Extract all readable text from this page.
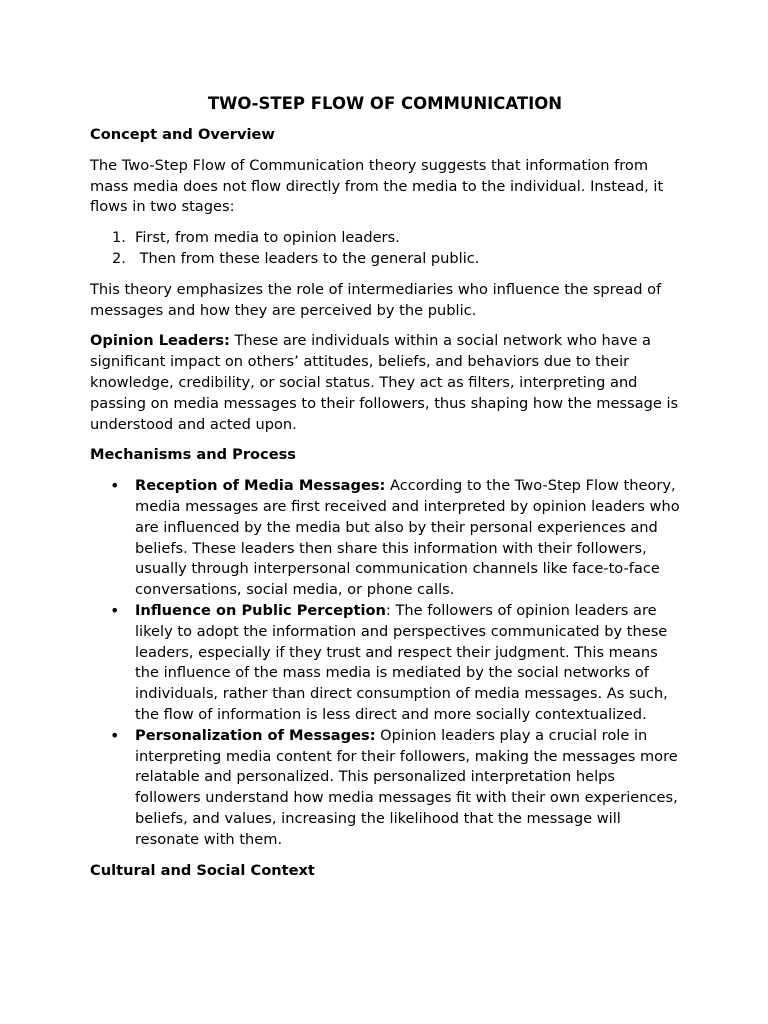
TWO-STEP FLOW OF COMMUNICATION
Concept and Overview

The Two-Step Flow of Communication theory suggests that information from mass media does not flow directly from the media to the individual. Instead, it flows in two stages:

1. First, from media to opinion leaders.
2. Then from these leaders to the general public.

This theory emphasizes the role of intermediaries who influence the spread of messages and how they are perceived by the public.

Opinion Leaders: These are individuals within a social network who have a significant impact on others’ attitudes, beliefs, and behaviors due to their knowledge, credibility, or social status. They act as filters, interpreting and passing on media messages to their followers, thus shaping how the message is understood and acted upon.

Mechanisms and Process
• Reception of Media Messages: According to the Two-Step Flow theory, media messages are first received and interpreted by opinion leaders who are influenced by the media but also by their personal experiences and beliefs. These leaders then share this information with their followers, usually through interpersonal communication channels like face-to-face conversations, social media, or phone calls.
• Influence on Public Perception: The followers of opinion leaders are likely to adopt the information and perspectives communicated by these leaders, especially if they trust and respect their judgment. This means the influence of the mass media is mediated by the social networks of individuals, rather than direct consumption of media messages. As such, the flow of information is less direct and more socially contextualized.
• Personalization of Messages: Opinion leaders play a crucial role in interpreting media content for their followers, making the messages more relatable and personalized. This personalized interpretation helps followers understand how media messages fit with their own experiences, beliefs, and values, increasing the likelihood that the message will resonate with them.
Cultural and Social Context
